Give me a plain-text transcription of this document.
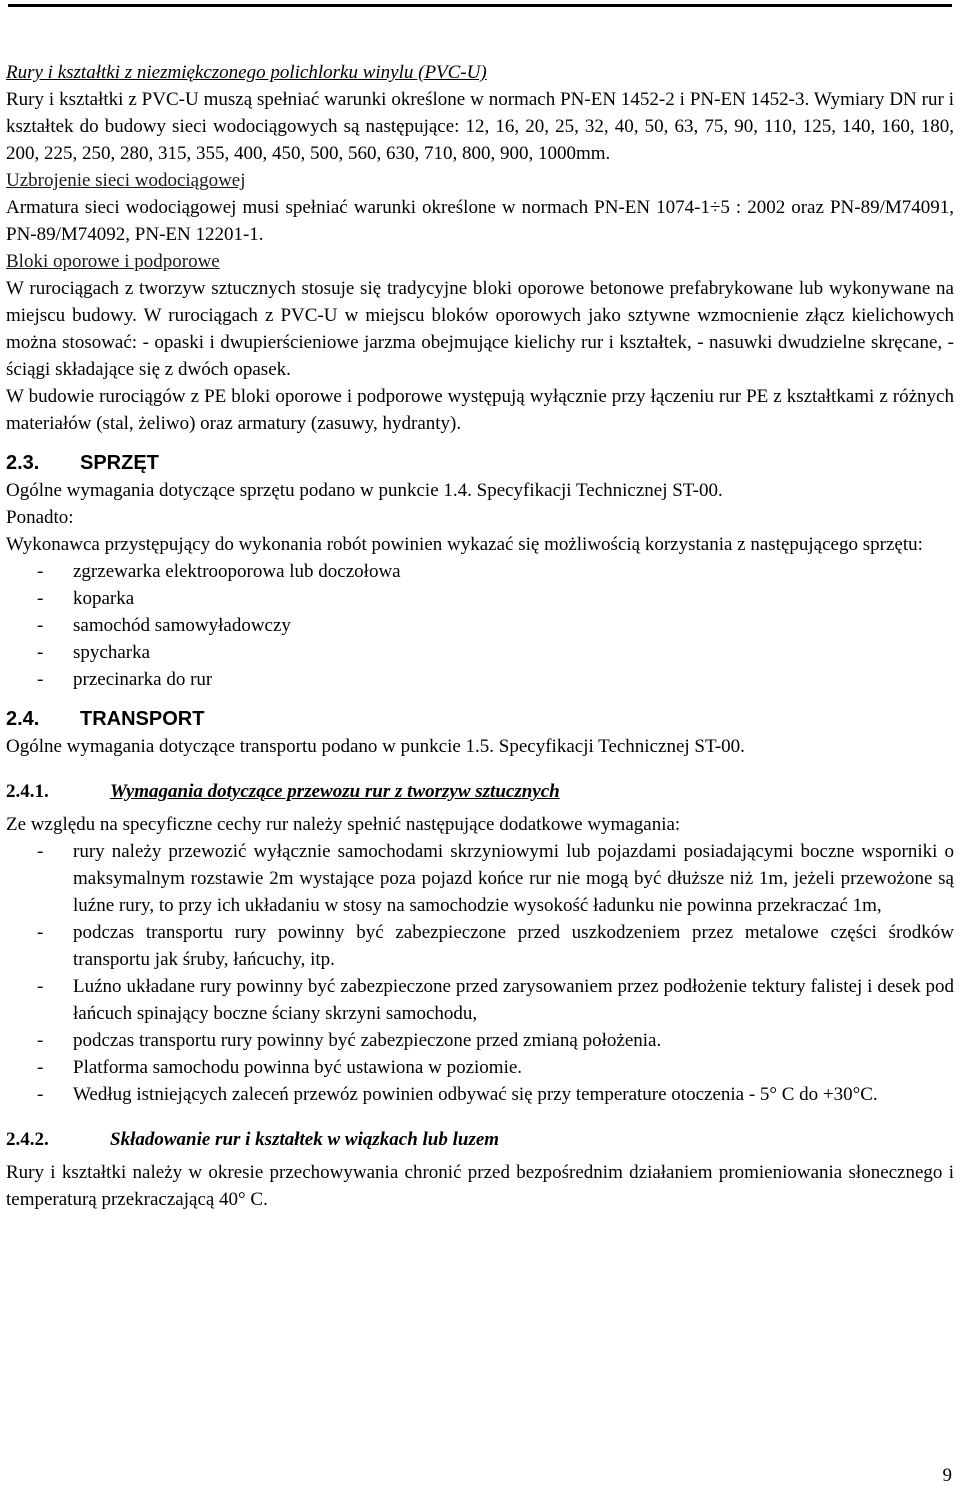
Rury i kształtki z niezmiękczonego polichlorku winylu (PVC-U)

Rury i kształtki z PVC-U muszą spełniać warunki określone w normach PN-EN 1452-2 i PN-EN 1452-3. Wymiary DN rur i kształtek do budowy sieci wodociągowych są następujące: 12, 16, 20, 25, 32, 40, 50, 63, 75, 90, 110, 125, 140, 160, 180, 200, 225, 250, 280, 315, 355, 400, 450, 500, 560, 630, 710, 800, 900, 1000mm.

Uzbrojenie sieci wodociągowej

Armatura sieci wodociągowej musi spełniać warunki określone w normach PN-EN 1074-1÷5 : 2002 oraz PN-89/M74091, PN-89/M74092, PN-EN 12201-1.

Bloki oporowe i podporowe

W rurociągach z tworzyw sztucznych stosuje się tradycyjne bloki oporowe betonowe prefabrykowane lub wykonywane na miejscu budowy. W rurociągach z PVC-U w miejscu bloków oporowych jako sztywne wzmocnienie złącz kielichowych można stosować: - opaski i dwupierścieniowe jarzma obejmujące kielichy rur i kształtek, - nasuwki dwudzielne skręcane, - ściągi składające się z dwóch opasek.

W budowie rurociągów z PE bloki oporowe i podporowe występują wyłącznie przy łączeniu rur PE z kształtkami z różnych materiałów (stal, żeliwo) oraz armatury (zasuwy, hydranty).

2.3. SPRZĘT

Ogólne wymagania dotyczące sprzętu podano w punkcie 1.4. Specyfikacji Technicznej ST-00.

Ponadto:

Wykonawca przystępujący do wykonania robót powinien wykazać się możliwością korzystania z następującego sprzętu:

- zgrzewarka elektrooporowa lub doczołowa
- koparka
- samochód samowyładowczy
- spycharka
- przecinarka do rur
2.4. TRANSPORT

Ogólne wymagania dotyczące transportu podano w punkcie 1.5. Specyfikacji Technicznej ST-00.

2.4.1.	Wymagania dotyczące przewozu rur z tworzyw sztucznych

Ze względu na specyficzne cechy rur należy spełnić następujące dodatkowe wymagania:

- rury należy przewozić wyłącznie samochodami skrzyniowymi lub pojazdami posiadającymi boczne wsporniki o maksymalnym rozstawie 2m wystające poza pojazd końce rur nie mogą być dłuższe niż 1m, jeżeli przewożone są luźne rury, to przy ich układaniu w stosy na samochodzie wysokość ładunku nie powinna przekraczać 1m,
- podczas transportu rury powinny być zabezpieczone przed uszkodzeniem przez metalowe części środków transportu jak śruby, łańcuchy, itp.
- Luźno układane rury powinny być zabezpieczone przed zarysowaniem przez podłożenie tektury falistej i desek pod łańcuch spinający boczne ściany skrzyni samochodu,
- podczas transportu rury powinny być zabezpieczone przed zmianą położenia.
- Platforma samochodu powinna być ustawiona w poziomie.
- Według istniejących zaleceń przewóz powinien odbywać się przy temperature otoczenia - 5° C do +30°C.
2.4.2.	Składowanie rur i kształtek w wiązkach lub luzem

Rury i kształtki należy w okresie przechowywania chronić przed bezpośrednim działaniem promieniowania słonecznego i temperaturą przekraczającą 40° C.

9
